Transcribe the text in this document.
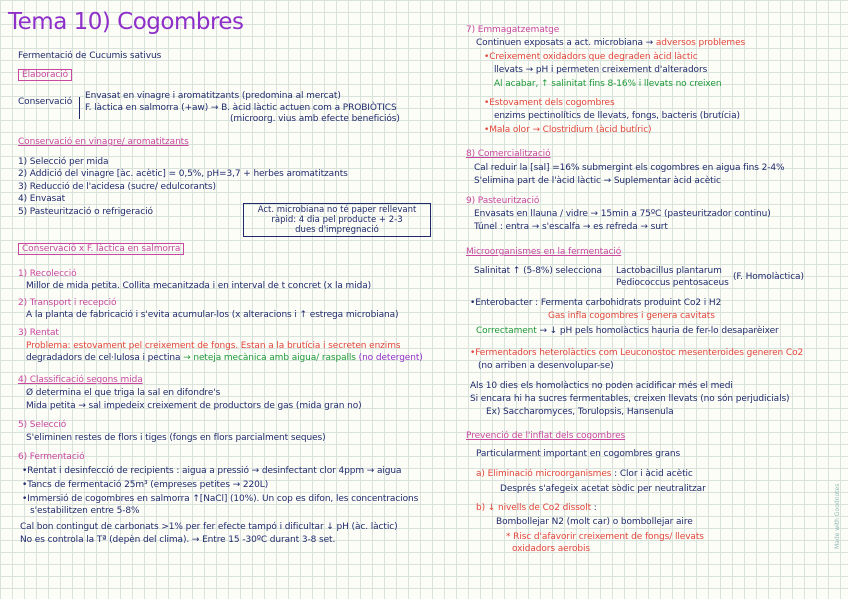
Tema 10) Cogombres
Fermentació de Cucumis sativus
Elaboració
Conservació
Envasat en vinagre i aromatitzants (predomina al mercat)
F. làctica en salmorra (+aw) → B. àcid làctic actuen com a PROBIÒTICS
(microorg. vius amb efecte beneficiós)
Conservació en vinagre/ aromatitzants
1) Selecció per mida
2) Addició del vinagre [àc. acètic] = 0,5%, pH=3,7 + herbes aromatitzants
3) Reducció de l'acidesa (sucre/ edulcorants)
4) Envasat
5) Pasteurització o refrigeració	Act. microbiana no té paper rellevant
ràpid: 4 dia pel producte + 2-3
dues d'impregnació
Conservació x F. làctica en salmorra
1) Recolecció
Millor de mida petita. Collita mecanitzada i en interval de t concret (x la mida)
2) Transport i recepció
A la planta de fabricació i s'evita acumular-los (x alteracions i ↑ estrega microbiana)
3) Rentat
Problema: estovament pel creixement de fongs. Estan a la brutícia i secreten enzims
degradadors de cel·lulosa i pectina → neteja mecànica amb aigua/ raspalls (no detergent)
4) Classificació segons mida
Ø determina el que triga la sal en difondre's
Mida petita → sal impedeix creixement de productors de gas (mida gran no)
5) Selecció
S'eliminen restes de flors i tiges (fongs en flors parcialment seques)
6) Fermentació
• Rentat i desinfecció de recipients : aigua a pressió → desinfectant clor 4ppm → aigua
• Tancs de fermentació 25m³ (empreses petites → 220L)
• Immersió de cogombres en salmorra ↑[NaCl] (10%). Un cop es difon, les concentracions
s'estabilitzen entre 5-8%
Cal bon contingut de carbonats >1% per fer efecte tampó i dificultar ↓ pH (àc. làctic)
No es controla la Tª (depèn del clima). → Entre 15 -30ºC durant 3-8 set.
7) Emmagatzematge
Continuen exposats a act. microbiana → adversos problemes
• Creixement oxidadors que degraden àcid làctic
llevats → pH i permeten creixement d'alteradors
Al acabar, ↑ salinitat fins 8-16% i llevats no creixen
• Estovament dels cogombres
enzims pectinolítics de llevats, fongs, bacteris (brutícia)
• Mala olor → Clostridium (àcid butíric)
8) Comercialització
Cal reduir la [sal] =16% submergint els cogombres en aigua fins 2-4%
S'elimina part de l'àcid làctic → Suplementar àcid acètic
9) Pasteurització
Envasats en llauna / vidre → 15min a 75ºC (pasteuritzador continu)
Túnel : entra → s'escalfa → es refreda → surt
Microorganismes en la fermentació
Salinitat ↑ (5-8%) selecciona Lactobacillus plantarum
Pediococcus pentosaceus
(F. Homolàctica)
• Enterobacter : Fermenta carbohidrats produint Co2 i H2
Gas infla cogombres i genera cavitats
Correctament → ↓ pH pels homolàctics hauria de fer-lo desaparèixer
• Fermentadors heterolàctics com Leuconostoc mesenteroides generen Co2
(no arriben a desenvolupar-se)
Als 10 dies els homolàctics no poden acidificar més el medi
Si encara hi ha sucres fermentables, creixen llevats (no són perjudicials)
Ex) Saccharomyces, Torulopsis, Hansenula
Prevenció de l'inflat dels cogombres
Particularment important en cogombres grans
a) Eliminació microorganismes : Clor i àcid acètic
Després s'afegeix acetat sòdic per neutralitzar
b) ↓ nivells de Co2 dissolt :
Bombollejar N2 (molt car) o bombollejar aire
* Risc d'afavorir creixement de fongs/ llevats
oxidadors aerobis	Made with Goodnotes
